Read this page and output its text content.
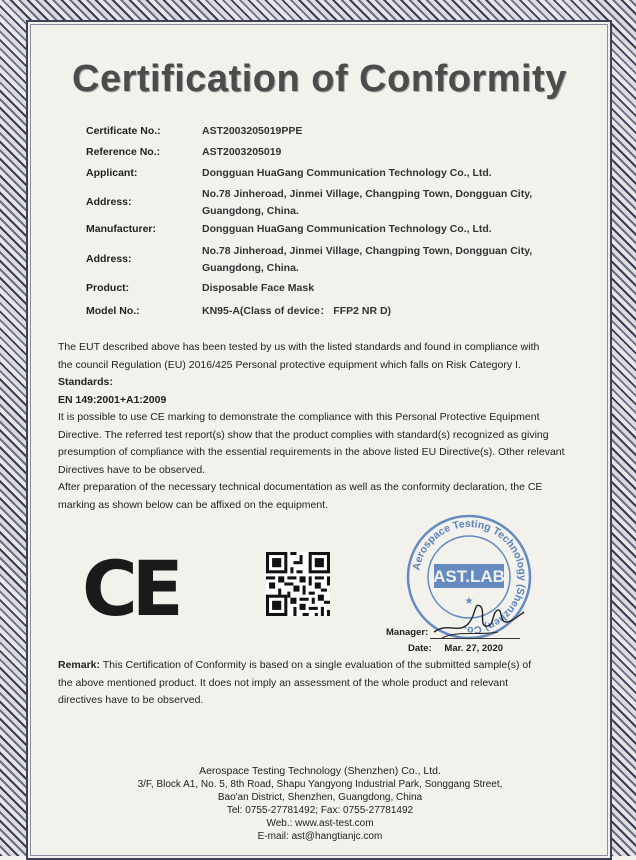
Certification of Conformity
Certificate No.:	AST2003205019PPE
Reference No.:	AST2003205019
Applicant:	Dongguan HuaGang Communication Technology Co., Ltd.
Address:
No.78 Jinheroad, Jinmei Village, Changping Town, Dongguan City,
Guangdong, China.
Manufacturer:	Dongguan HuaGang Communication Technology Co., Ltd.
Address:
No.78 Jinheroad, Jinmei Village, Changping Town, Dongguan City,
Guangdong, China.
Product:	Disposable Face Mask
Model No.:	KN95-A(Class of device： FFP2 NR D)
The EUT described above has been tested by us with the listed standards and found in compliance with
the council Regulation (EU) 2016/425 Personal protective equipment which falls on Risk Category I.
Standards:
EN 149:2001+A1:2009
It is possible to use CE marking to demonstrate the compliance with this Personal Protective Equipment
Directive. The referred test report(s) show that the product complies with standard(s) recognized as giving
presumption of compliance with the essential requirements in the above listed EU Directive(s). Other relevant
Directives have to be observed.
After preparation of the necessary technical documentation as well as the conformity declaration, the CE
marking as shown below can be affixed on the equipment.
CE	Aerospace Testing Technology (Shenzhen) Co.
AST.LAB
★
Manager:
Date: Mar. 27, 2020
Remark: This Certification of Conformity is based on a single evaluation of the submitted sample(s) of
the above mentioned product. It does not imply an assessment of the whole product and relevant
directives have to be observed.
Aerospace Testing Technology (Shenzhen) Co., Ltd.
3/F, Block A1, No. 5, 8th Road, Shapu Yangyong Industrial Park, Songgang Street,
Bao'an District, Shenzhen, Guangdong, China
Tel: 0755-27781492; Fax: 0755-27781492
Web.: www.ast-test.com
E-mail: ast@hangtianjc.com
